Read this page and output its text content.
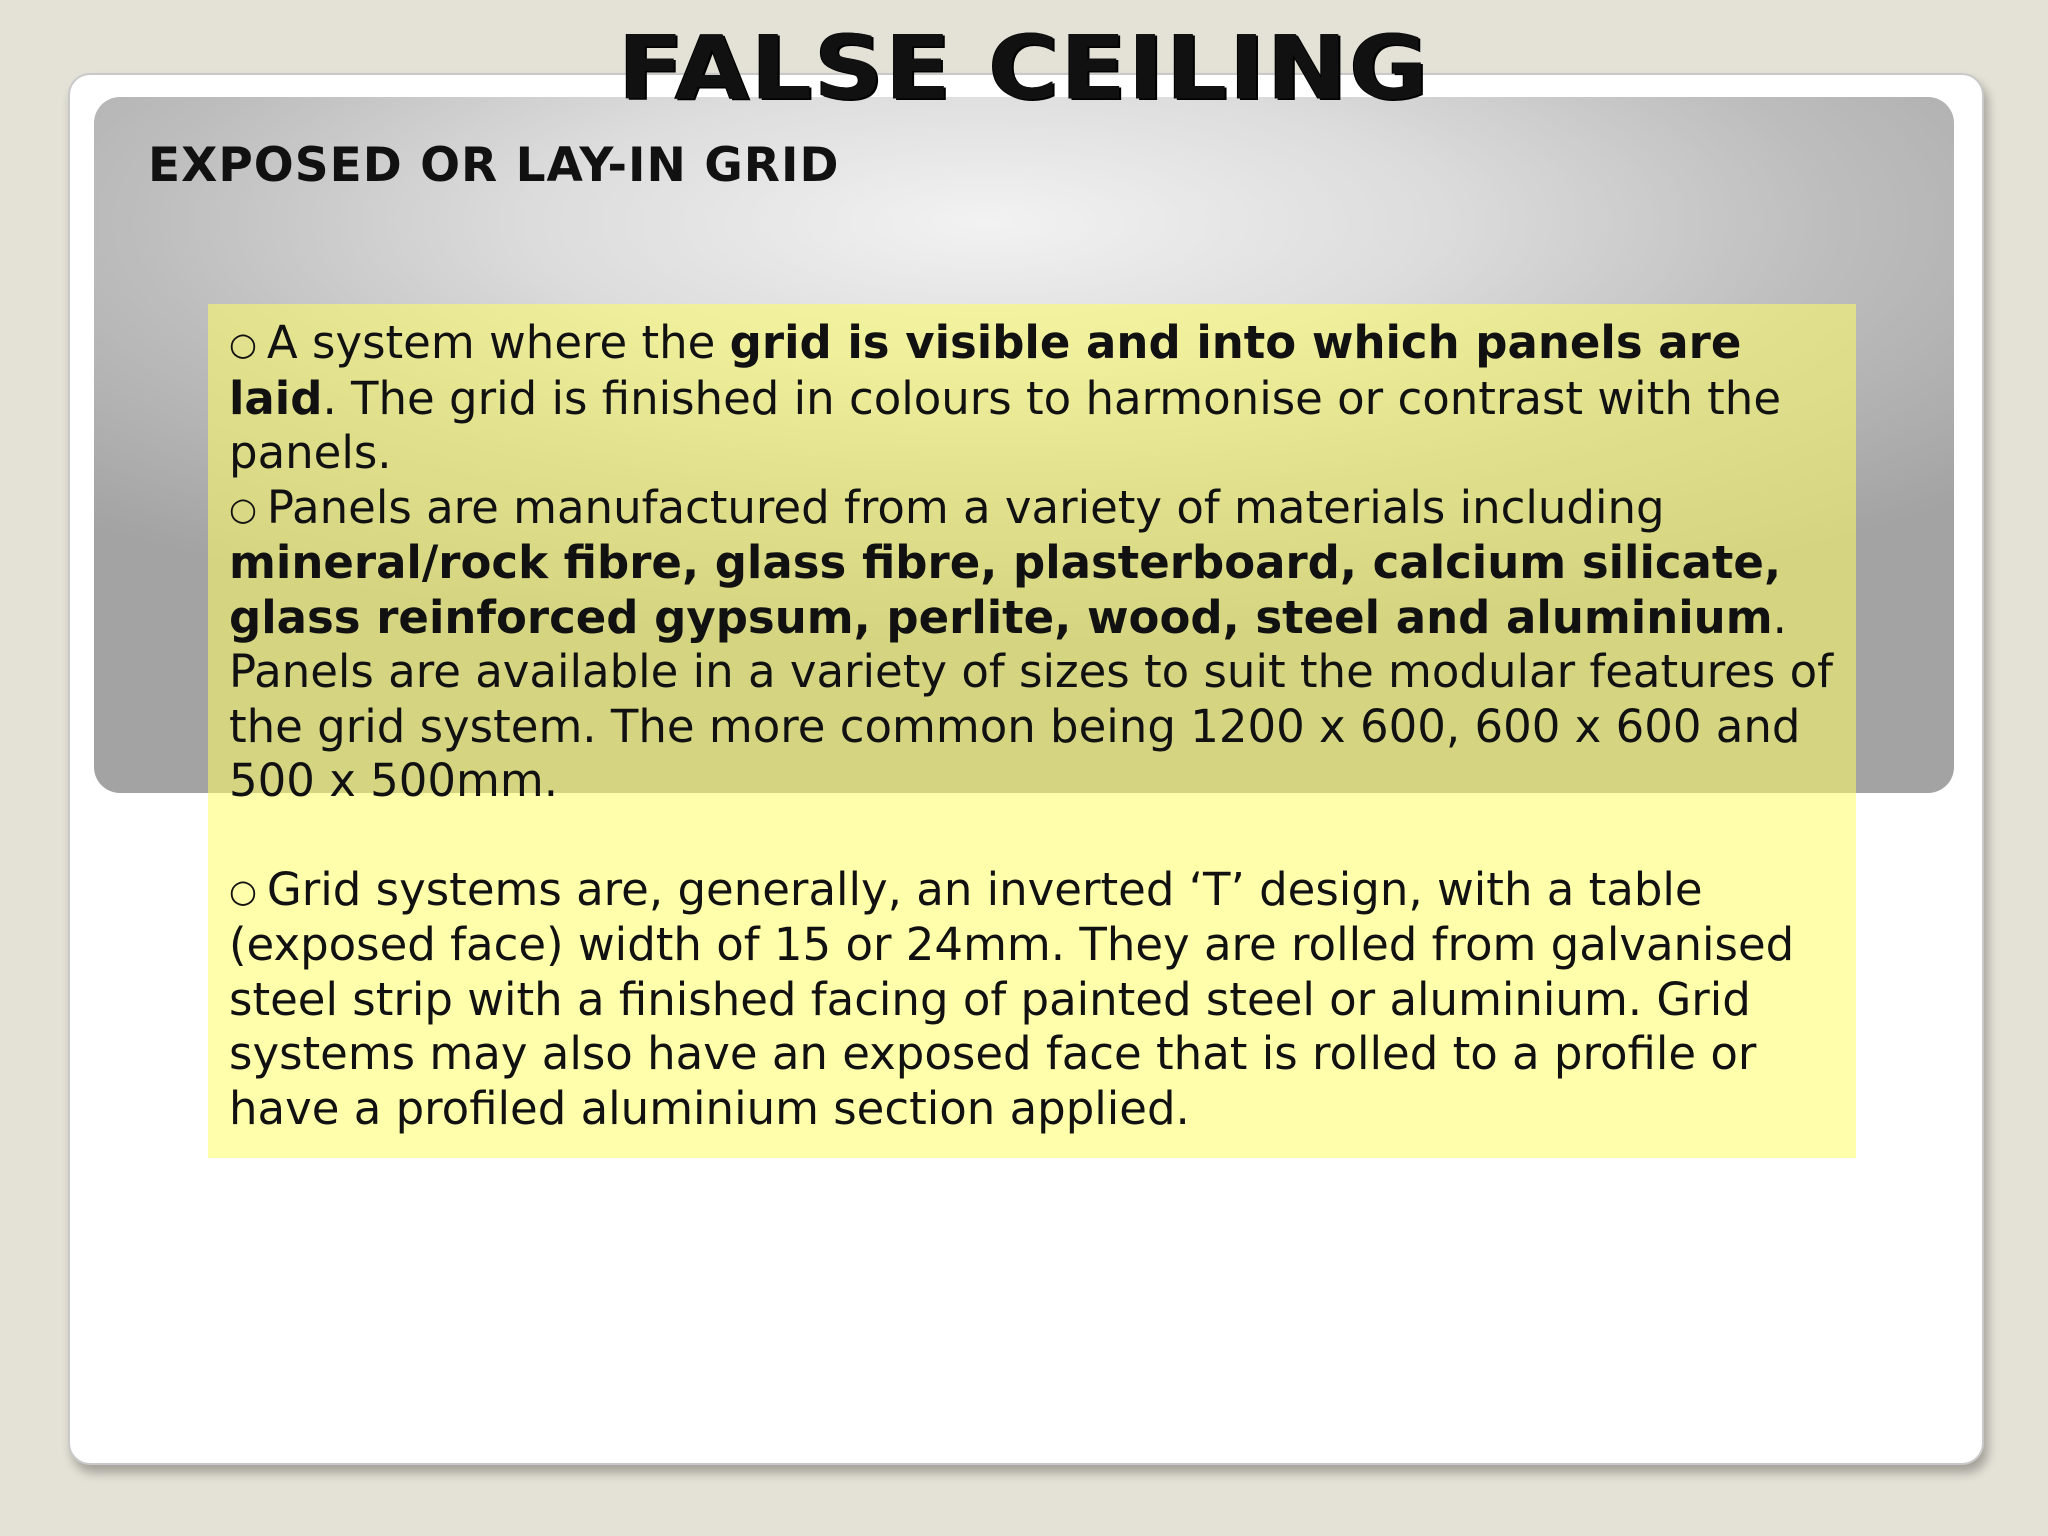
FALSE CEILING
EXPOSED OR LAY-IN GRID

○ A system where the grid is visible and into which panels are laid. The grid is finished in colours to harmonise or contrast with the panels.

○ Panels are manufactured from a variety of materials including mineral/rock fibre, glass fibre, plasterboard, calcium silicate, glass reinforced gypsum, perlite, wood, steel and aluminium. Panels are available in a variety of sizes to suit the modular features of the grid system. The more common being 1200 x 600, 600 x 600 and 500 x 500mm.

○ Grid systems are, generally, an inverted ‘T’ design, with a table (exposed face) width of 15 or 24mm. They are rolled from galvanised steel strip with a finished facing of painted steel or aluminium. Grid systems may also have an exposed face that is rolled to a profile or have a profiled aluminium section applied.
